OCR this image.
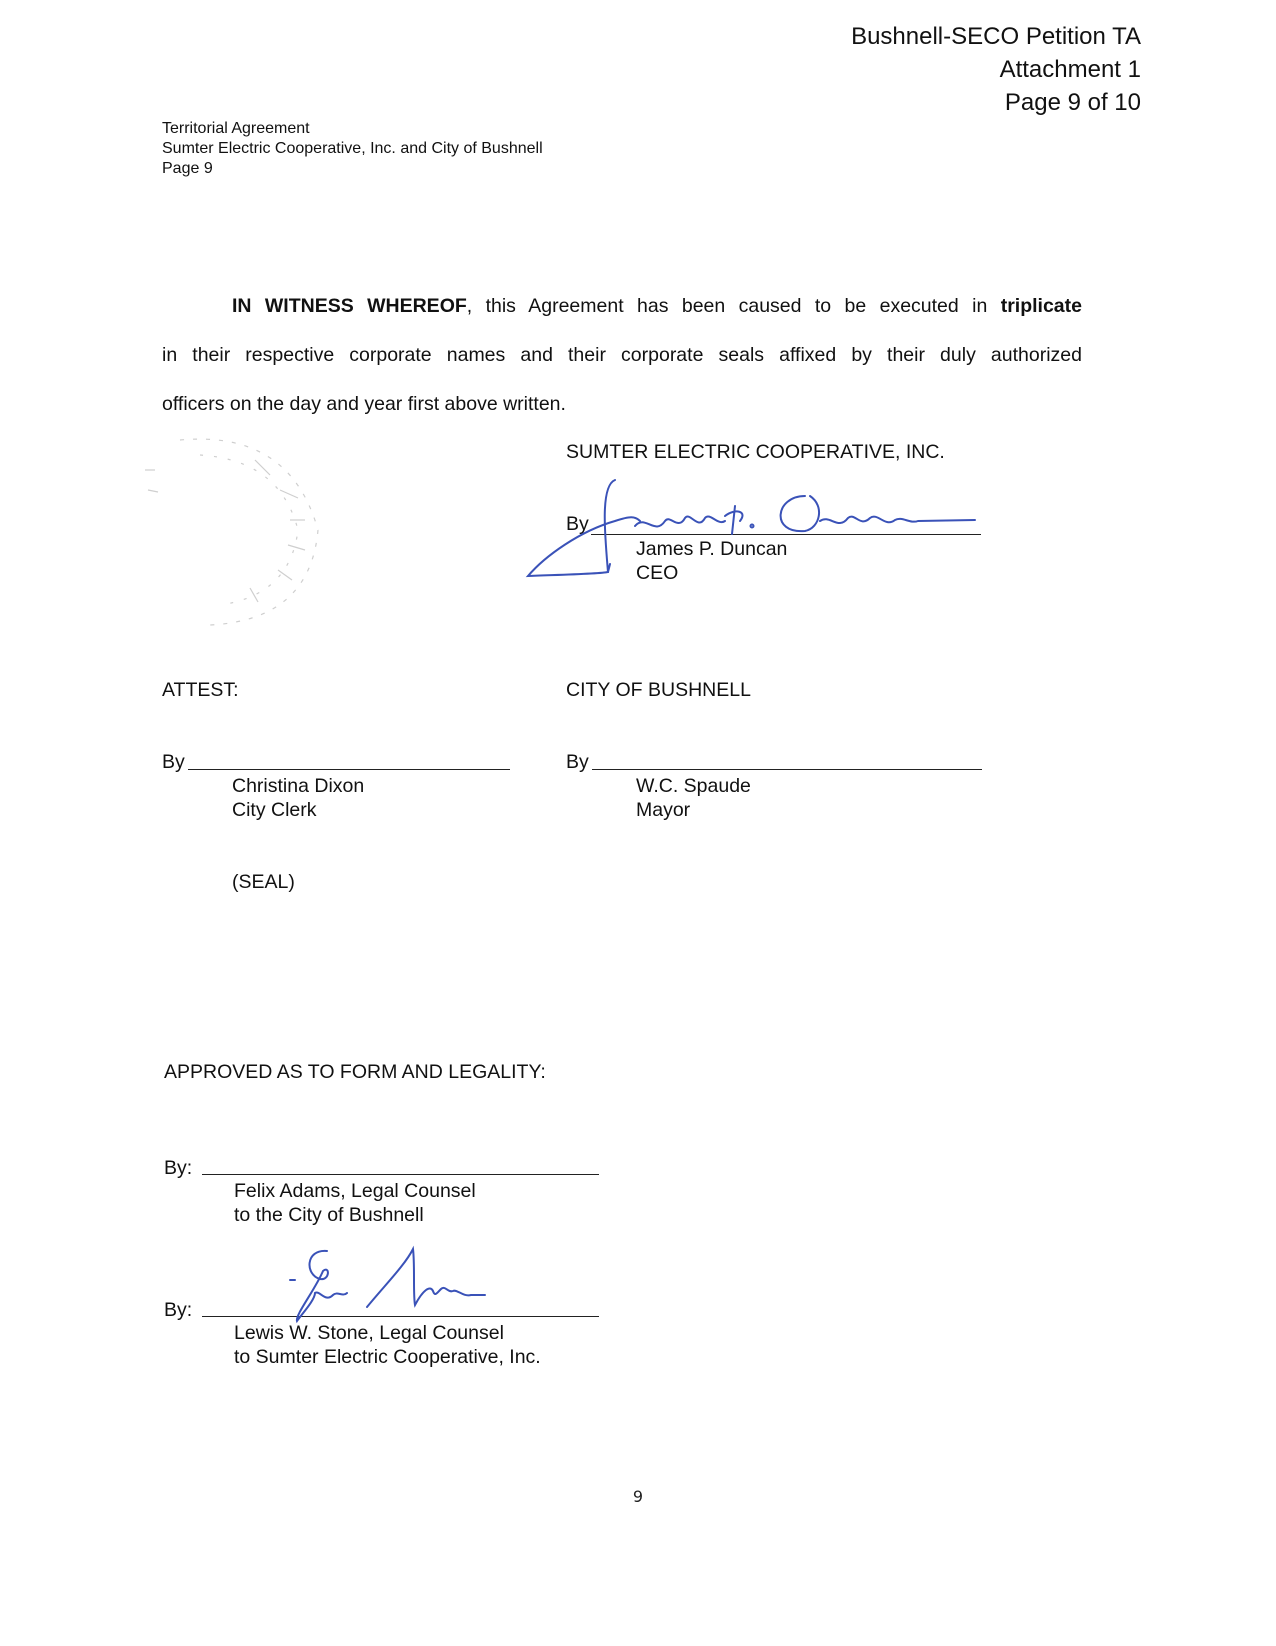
Bushnell-SECO Petition TA
Attachment 1
Page 9 of 10
Territorial Agreement
Sumter Electric Cooperative, Inc. and City of Bushnell
Page 9
IN WITNESS WHEREOF, this Agreement has been caused to be executed in triplicate
in their respective corporate names and their corporate seals affixed by their duly authorized
officers on the day and year first above written.
SUMTER ELECTRIC COOPERATIVE, INC.
By
James P. Duncan
CEO
ATTEST:
By
Christina Dixon
City Clerk
(SEAL)
CITY OF BUSHNELL
By
W.C. Spaude
Mayor
APPROVED AS TO FORM AND LEGALITY:
By:
Felix Adams, Legal Counsel
to the City of Bushnell
By:
Lewis W. Stone, Legal Counsel
to Sumter Electric Cooperative, Inc.
9
